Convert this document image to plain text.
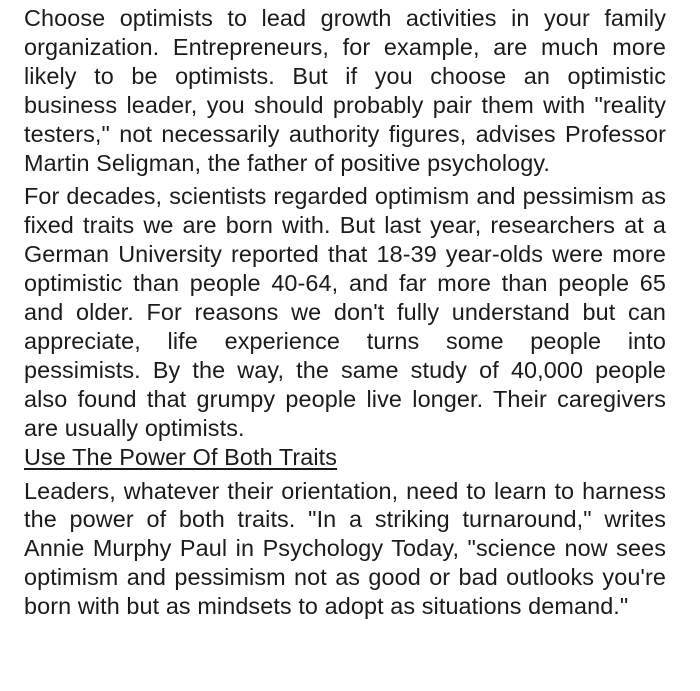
Choose optimists to lead growth activities in your family organization. Entrepreneurs, for example, are much more likely to be optimists. But if you choose an optimistic business leader, you should probably pair them with "reality testers," not necessarily authority figures, advises Professor Martin Seligman, the father of positive psychology.

For decades, scientists regarded optimism and pessimism as fixed traits we are born with. But last year, researchers at a German University reported that 18-39 year-olds were more optimistic than people 40-64, and far more than people 65 and older. For reasons we don't fully understand but can appreciate, life experience turns some people into pessimists. By the way, the same study of 40,000 people also found that grumpy people live longer. Their caregivers are usually optimists.

Use The Power Of Both Traits

Leaders, whatever their orientation, need to learn to harness the power of both traits. "In a striking turnaround," writes Annie Murphy Paul in Psychology Today, "science now sees optimism and pessimism not as good or bad outlooks you're born with but as mindsets to adopt as situations demand."
